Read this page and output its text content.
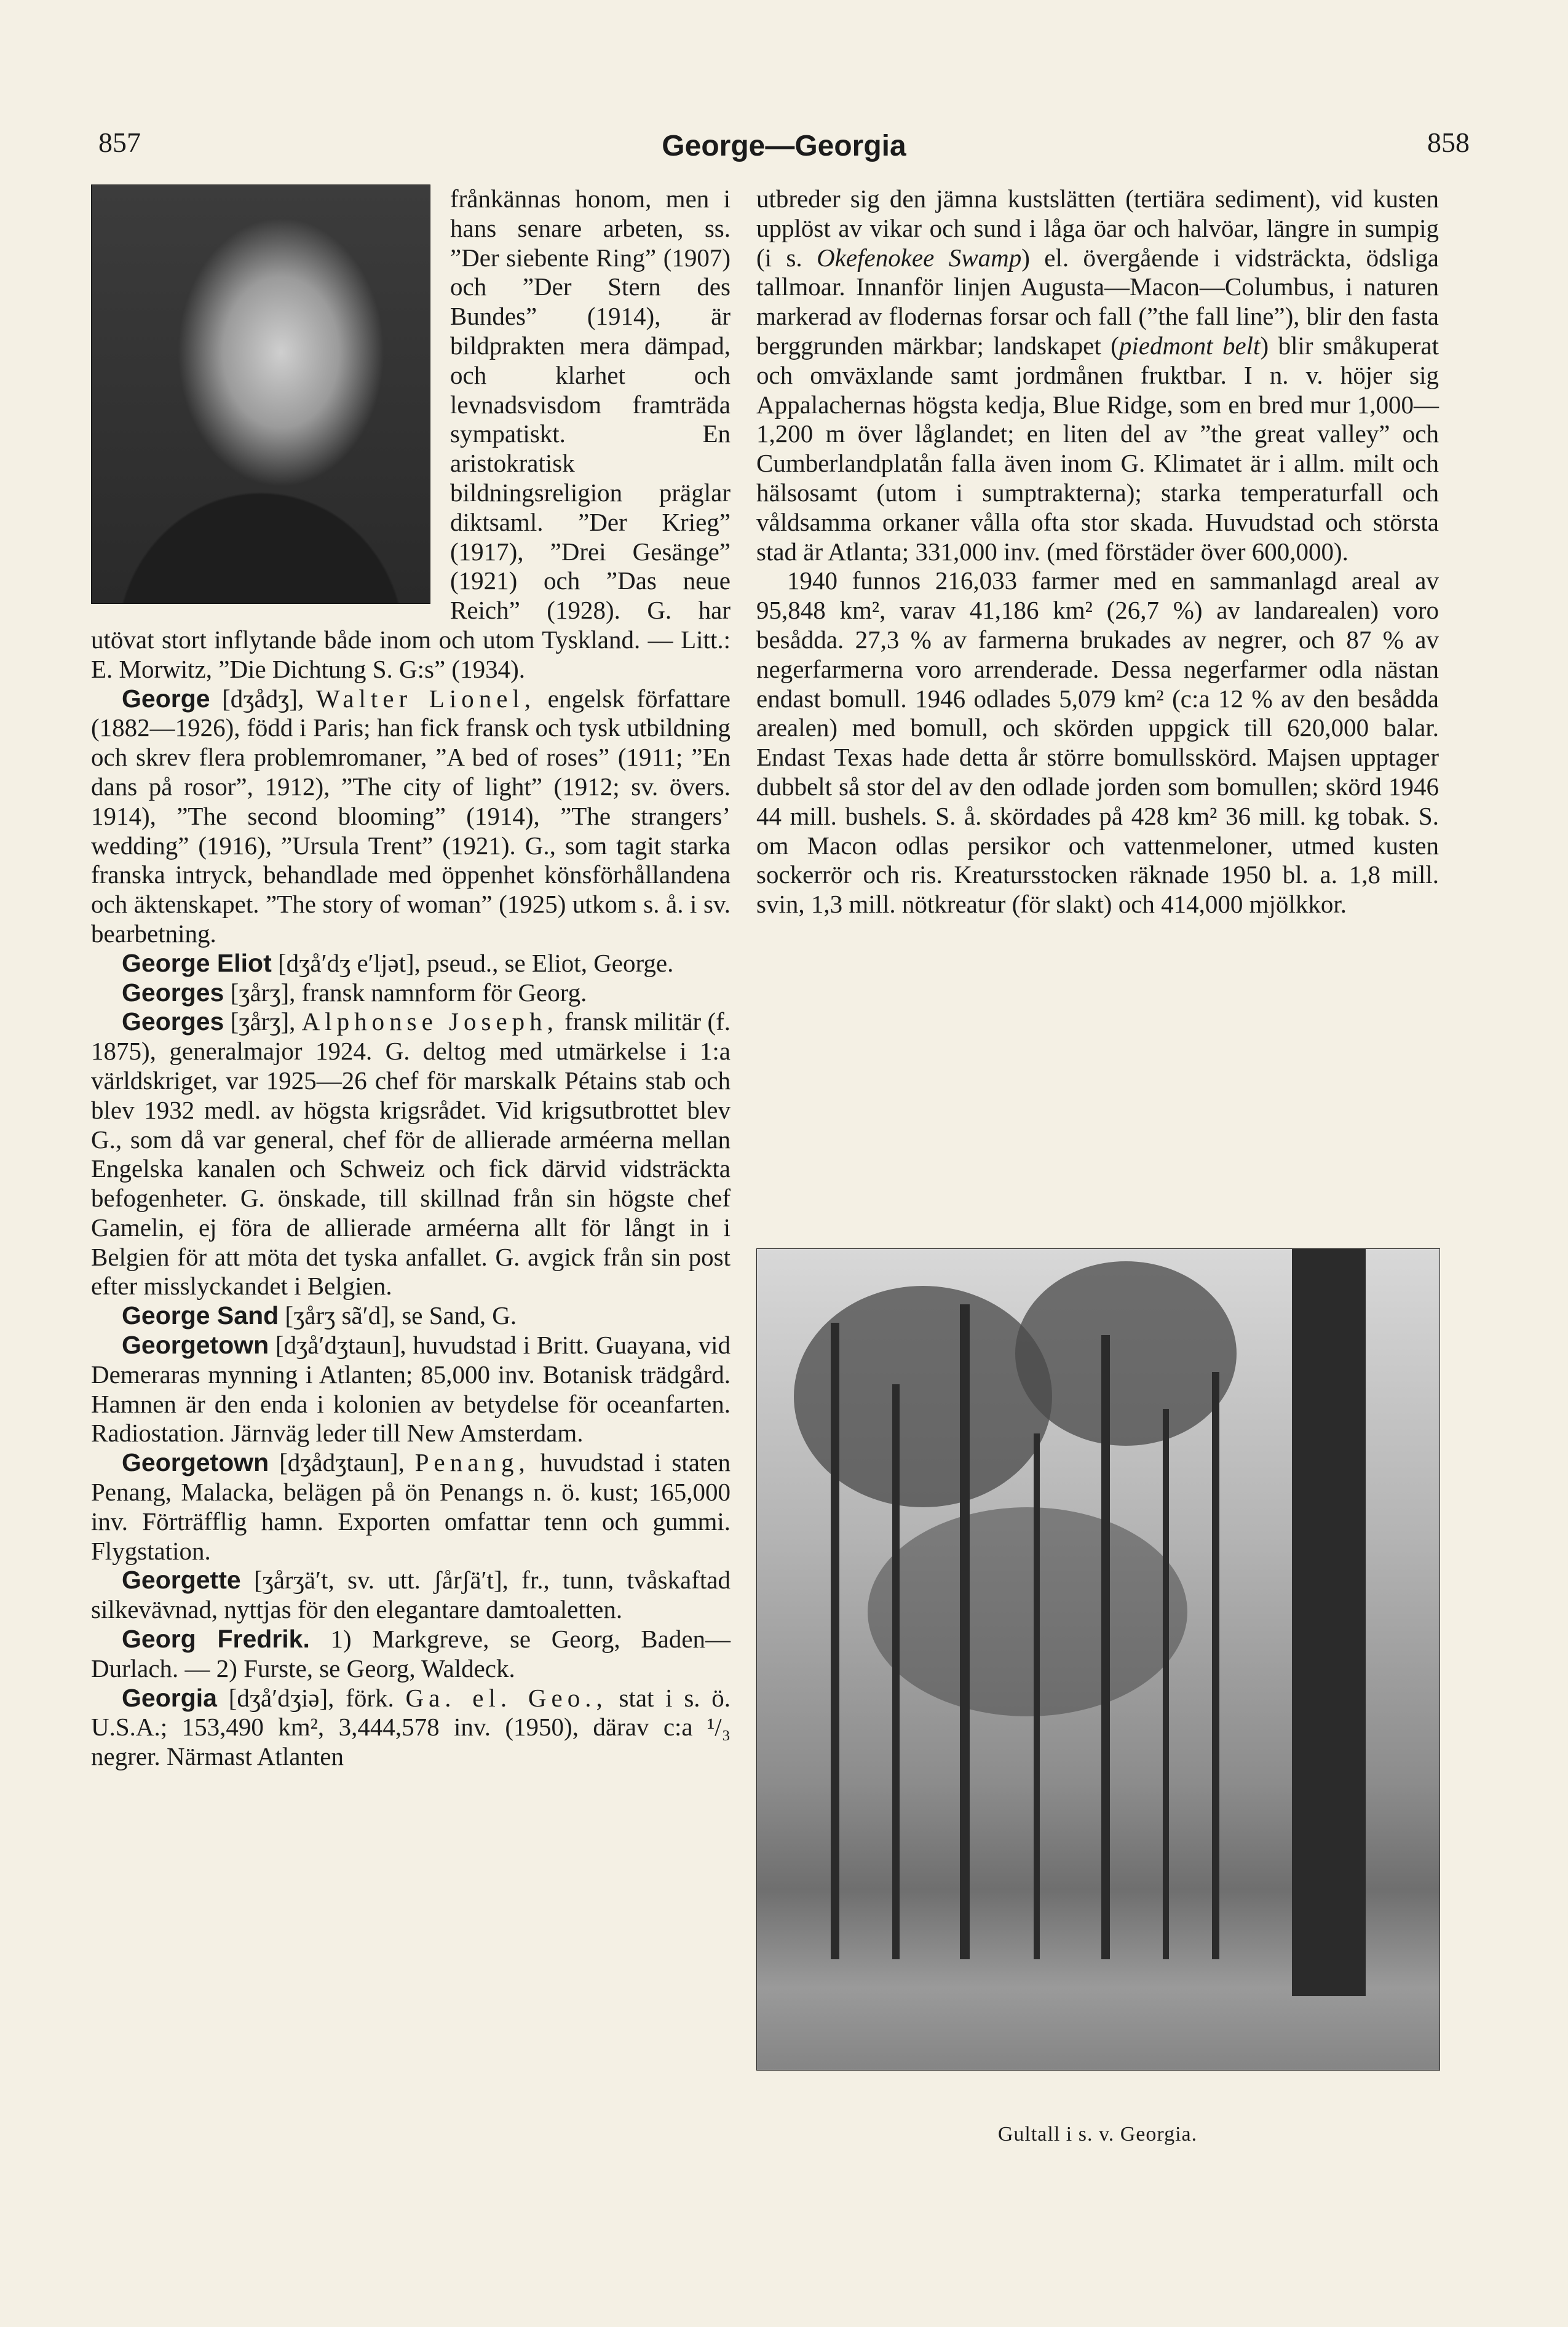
857	George—Georgia	858

frånkännas honom, men i hans senare arbeten, ss. ”Der siebente Ring” (1907) och ”Der Stern des Bundes” (1914), är bildprakten mera dämpad, och klarhet och levnadsvisdom framträda sympatiskt. En aristokratisk bildningsreligion präglar diktsaml. ”Der Krieg” (1917), ”Drei Gesänge” (1921) och ”Das neue Reich” (1928). G. har utövat stort inflytande både inom och utom Tyskland. — Litt.: E. Morwitz, ”Die Dichtung S. G:s” (1934).

George [dʒådʒ], Walter Lionel, engelsk författare (1882—1926), född i Paris; han fick fransk och tysk utbildning och skrev flera problemromaner, ”A bed of roses” (1911; ”En dans på rosor”, 1912), ”The city of light” (1912; sv. övers. 1914), ”The second blooming” (1914), ”The strangers’ wedding” (1916), ”Ursula Trent” (1921). G., som tagit starka franska intryck, behandlade med öppenhet könsförhållandena och äktenskapet. ”The story of woman” (1925) utkom s. å. i sv. bearbetning.

George Eliot [dʒå′dʒ e′ljət], pseud., se Eliot, George.

Georges [ʒårʒ], fransk namnform för Georg.

Georges [ʒårʒ], Alphonse Joseph, fransk militär (f. 1875), generalmajor 1924. G. deltog med utmärkelse i 1:a världskriget, var 1925—26 chef för marskalk Pétains stab och blev 1932 medl. av högsta krigsrådet. Vid krigsutbrottet blev G., som då var general, chef för de allierade arméerna mellan Engelska kanalen och Schweiz och fick därvid vidsträckta befogenheter. G. önskade, till skillnad från sin högste chef Gamelin, ej föra de allierade arméerna allt för långt in i Belgien för att möta det tyska anfallet. G. avgick från sin post efter misslyckandet i Belgien.

George Sand [ʒårʒ sã′d], se Sand, G.

Georgetown [dʒå′dʒtaun], huvudstad i Britt. Guayana, vid Demeraras mynning i Atlanten; 85,000 inv. Botanisk trädgård. Hamnen är den enda i kolonien av betydelse för oceanfarten. Radiostation. Järnväg leder till New Amsterdam.

Georgetown [dʒådʒtaun], Penang, huvudstad i staten Penang, Malacka, belägen på ön Penangs n. ö. kust; 165,000 inv. Förträfflig hamn. Exporten omfattar tenn och gummi. Flygstation.

Georgette [ʒårʒä′t, sv. utt. ʃårʃä′t], fr., tunn, tvåskaftad silkevävnad, nyttjas för den elegantare damtoaletten.

Georg Fredrik. 1) Markgreve, se Georg, Baden—Durlach. — 2) Furste, se Georg, Waldeck.

Georgia [dʒå′dʒiə], förk. Ga. el. Geo., stat i s. ö. U.S.A.; 153,490 km², 3,444,578 inv. (1950), därav c:a ¹/₃ negrer. Närmast Atlanten

utbreder sig den jämna kustslätten (tertiära sediment), vid kusten upplöst av vikar och sund i låga öar och halvöar, längre in sumpig (i s. Okefenokee Swamp) el. övergående i vidsträckta, ödsliga tallmoar. Innanför linjen Augusta—Macon—Columbus, i naturen markerad av flodernas forsar och fall (”the fall line”), blir den fasta berggrunden märkbar; landskapet (piedmont belt) blir småkuperat och omväxlande samt jordmånen fruktbar. I n. v. höjer sig Appalachernas högsta kedja, Blue Ridge, som en bred mur 1,000—1,200 m över låglandet; en liten del av ”the great valley” och Cumberlandplatån falla även inom G. Klimatet är i allm. milt och hälsosamt (utom i sumptrakterna); starka temperaturfall och våldsamma orkaner vålla ofta stor skada. Huvudstad och största stad är Atlanta; 331,000 inv. (med förstäder över 600,000).

1940 funnos 216,033 farmer med en sammanlagd areal av 95,848 km², varav 41,186 km² (26,7 %) av landarealen) voro besådda. 27,3 % av farmerna brukades av negrer, och 87 % av negerfarmerna voro arrenderade. Dessa negerfarmer odla nästan endast bomull. 1946 odlades 5,079 km² (c:a 12 % av den besådda arealen) med bomull, och skörden uppgick till 620,000 balar. Endast Texas hade detta år större bomullsskörd. Majsen upptager dubbelt så stor del av den odlade jorden som bomullen; skörd 1946 44 mill. bushels. S. å. skördades på 428 km² 36 mill. kg tobak. S. om Macon odlas persikor och vattenmeloner, utmed kusten sockerrör och ris. Kreatursstocken räknade 1950 bl. a. 1,8 mill. svin, 1,3 mill. nötkreatur (för slakt) och 414,000 mjölkkor.

Gultall i s. v. Georgia.
